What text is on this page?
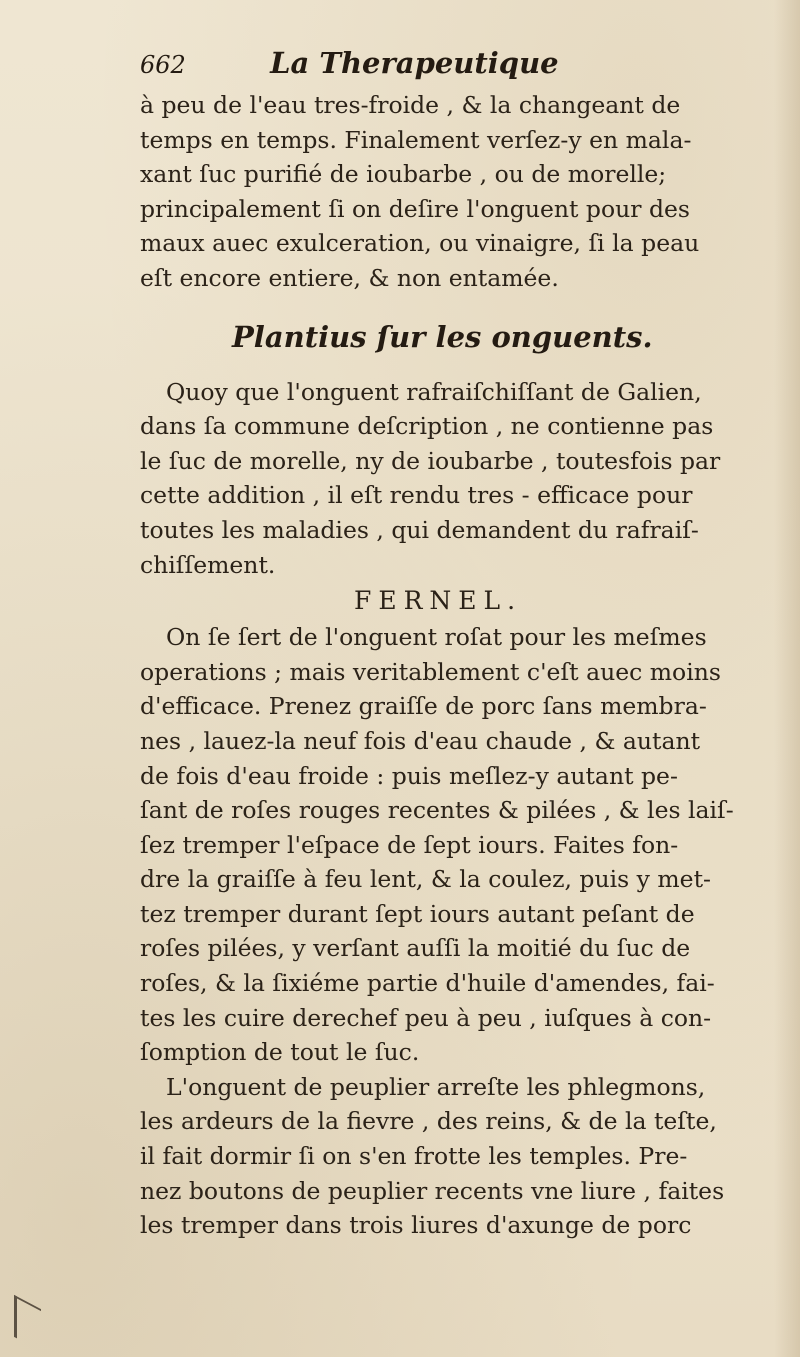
662	La Therapeutique
à peu de l'eau tres-froide , & la changeant de
temps en temps. Finalement verſez-y en mala-
xant ſuc purifié de ioubarbe , ou de morelle;
principalement ſi on deſire l'onguent pour des
maux auec exulceration, ou vinaigre, ſi la peau
eſt encore entiere, & non entamée.
Plantius ſur les onguents.
Quoy que l'onguent rafraiſchiſſant de Galien,
dans ſa commune deſcription , ne contienne pas
le ſuc de morelle, ny de ioubarbe , toutesfois par
cette addition , il eſt rendu tres - efficace pour
toutes les maladies , qui demandent du rafraiſ-
chiſſement.
FERNEL.
On ſe ſert de l'onguent roſat pour les meſmes
operations ; mais veritablement c'eſt auec moins
d'efficace. Prenez graiſſe de porc ſans membra-
nes , lauez-la neuf fois d'eau chaude , & autant
de fois d'eau froide : puis meſlez-y autant pe-
ſant de roſes rouges recentes & pilées , & les laiſ-
ſez tremper l'eſpace de ſept iours. Faites fon-
dre la graiſſe à feu lent, & la coulez, puis y met-
tez tremper durant ſept iours autant peſant de
roſes pilées, y verſant auſſi la moitié du ſuc de
roſes, & la ſixiéme partie d'huile d'amendes, fai-
tes les cuire derechef peu à peu , iuſques à con-
ſomption de tout le ſuc.
L'onguent de peuplier arreſte les phlegmons,
les ardeurs de la fievre , des reins, & de la teſte,
il fait dormir ſi on s'en frotte les temples. Pre-
nez boutons de peuplier recents vne liure , faites
les tremper dans trois liures d'axunge de porc
